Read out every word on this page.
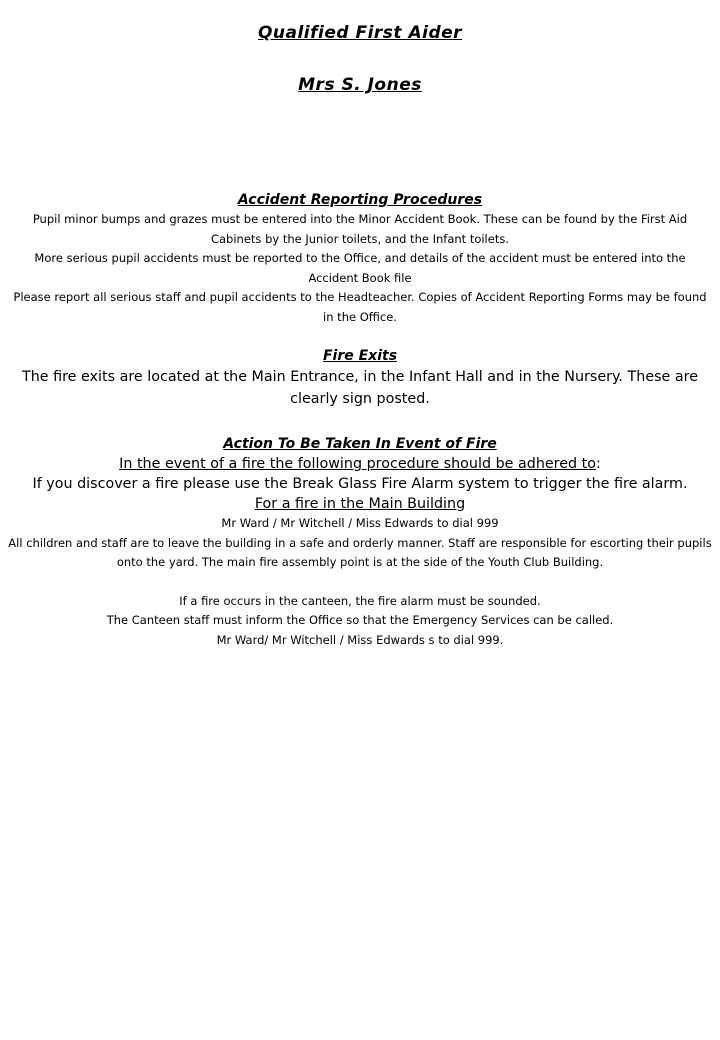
Qualified First Aider

Mrs S. Jones

Accident Reporting Procedures

Pupil minor bumps and grazes must be entered into the Minor Accident Book. These can be found by the First Aid Cabinets by the Junior toilets, and the Infant toilets.

More serious pupil accidents must be reported to the Office, and details of the accident must be entered into the Accident Book file

Please report all serious staff and pupil accidents to the Headteacher. Copies of Accident Reporting Forms may be found in the Office.

Fire Exits

The fire exits are located at the Main Entrance, in the Infant Hall and in the Nursery. These are clearly sign posted.

Action To Be Taken In Event of Fire

In the event of a fire the following procedure should be adhered to:

If you discover a fire please use the Break Glass Fire Alarm system to trigger the fire alarm.

For a fire in the Main Building

Mr Ward / Mr Witchell / Miss Edwards to dial 999

All children and staff are to leave the building in a safe and orderly manner. Staff are responsible for escorting their pupils onto the yard. The main fire assembly point is at the side of the Youth Club Building.

If a fire occurs in the canteen, the fire alarm must be sounded.

The Canteen staff must inform the Office so that the Emergency Services can be called.

Mr Ward/ Mr Witchell / Miss Edwards s to dial 999.
